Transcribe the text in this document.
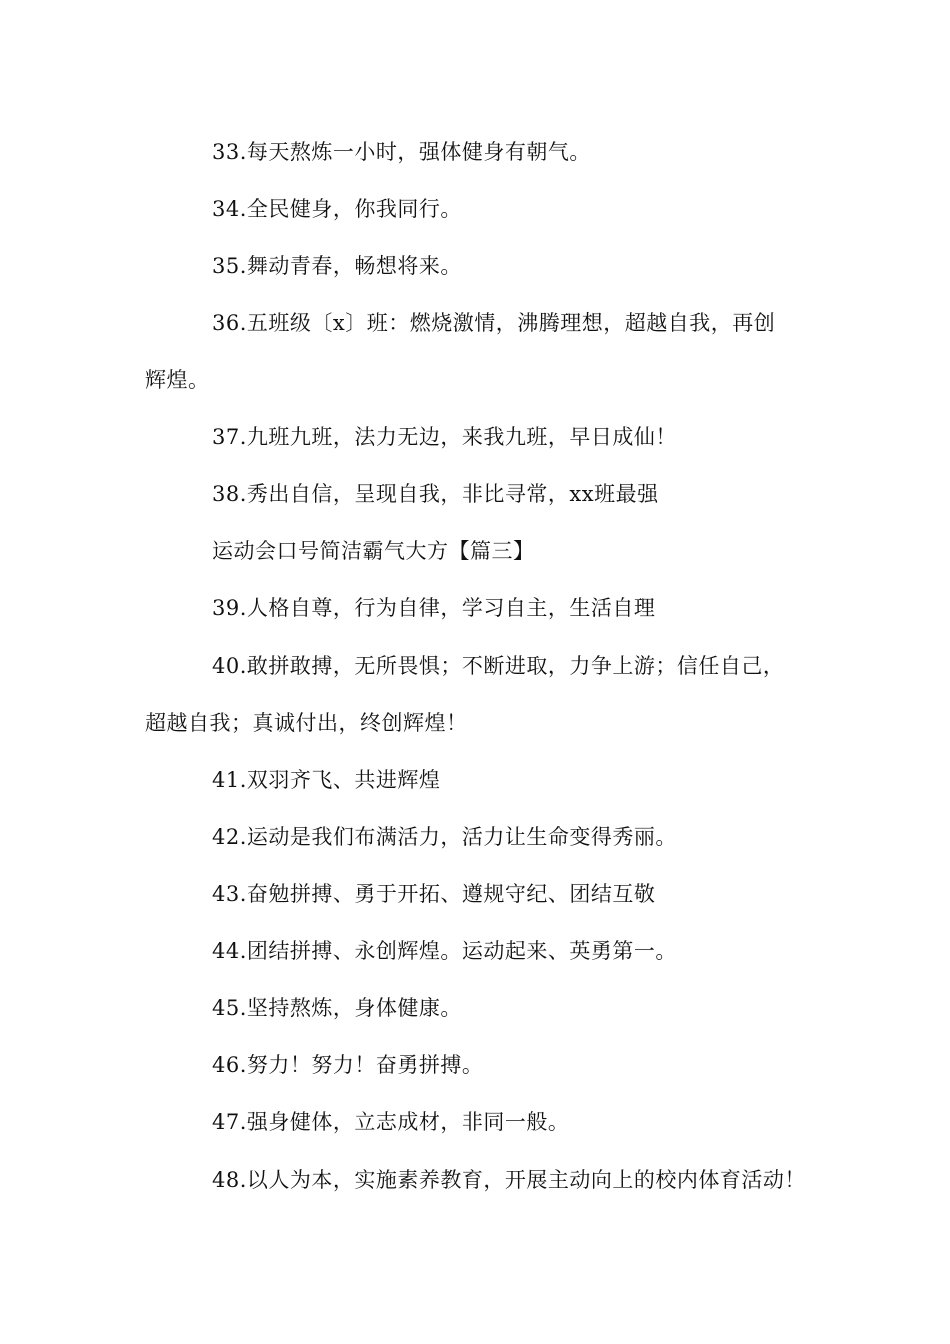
33.每天熬炼一小时，强体健身有朝气。
34.全民健身，你我同行。
35.舞动青春，畅想将来。
36.五班级〔x〕班：燃烧激情，沸腾理想，超越自我，再创
辉煌。
37.九班九班，法力无边，来我九班，早日成仙！
38.秀出自信，呈现自我，非比寻常，xx班最强
运动会口号简洁霸气大方【篇三】
39.人格自尊，行为自律，学习自主，生活自理
40.敢拼敢搏，无所畏惧；不断进取，力争上游；信任自己，
超越自我；真诚付出，终创辉煌！
41.双羽齐飞、共进辉煌
42.运动是我们布满活力，活力让生命变得秀丽。
43.奋勉拼搏、勇于开拓、遵规守纪、团结互敬
44.团结拼搏、永创辉煌。运动起来、英勇第一。
45.坚持熬炼，身体健康。
46.努力！努力！奋勇拼搏。
47.强身健体，立志成材，非同一般。
48.以人为本，实施素养教育，开展主动向上的校内体育活动！
